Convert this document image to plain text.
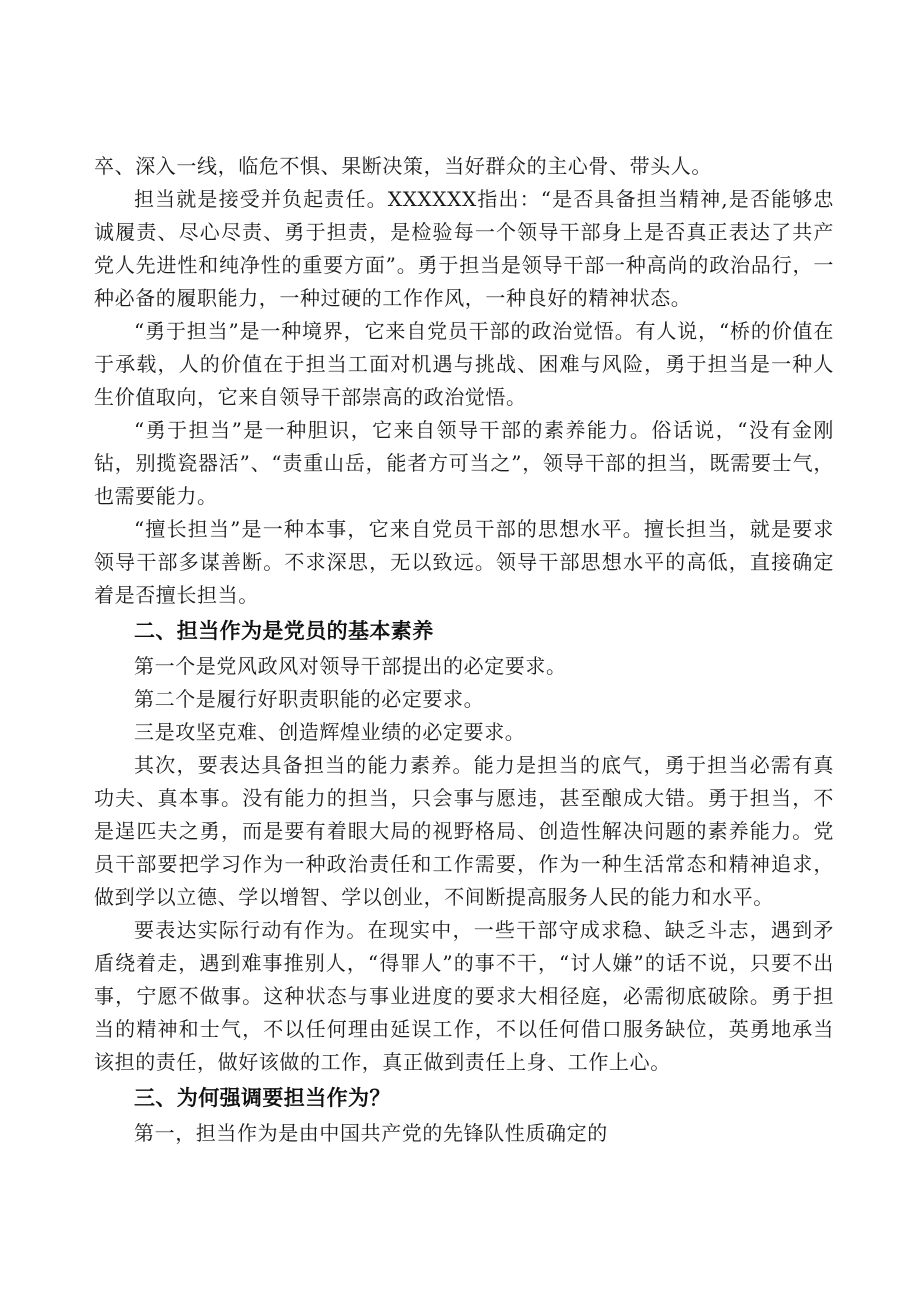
卒、深入一线，临危不惧、果断决策，当好群众的主心骨、带头人。

担当就是接受并负起责任。XXXXXX指出：“是否具备担当精神,是否能够忠诚履责、尽心尽责、勇于担责，是检验每一个领导干部身上是否真正表达了共产党人先进性和纯净性的重要方面”。勇于担当是领导干部一种高尚的政治品行，一种必备的履职能力，一种过硬的工作作风，一种良好的精神状态。

“勇于担当”是一种境界，它来自党员干部的政治觉悟。有人说，“桥的价值在于承载，人的价值在于担当工面对机遇与挑战、困难与风险，勇于担当是一种人生价值取向，它来自领导干部崇高的政治觉悟。

“勇于担当”是一种胆识，它来自领导干部的素养能力。俗话说，“没有金刚钻，别揽瓷器活”、“责重山岳，能者方可当之”，领导干部的担当，既需要士气，也需要能力。

“擅长担当”是一种本事，它来自党员干部的思想水平。擅长担当，就是要求领导干部多谋善断。不求深思，无以致远。领导干部思想水平的高低，直接确定着是否擅长担当。

二、担当作为是党员的基本素养

第一个是党风政风对领导干部提出的必定要求。

第二个是履行好职责职能的必定要求。

三是攻坚克难、创造辉煌业绩的必定要求。

其次，要表达具备担当的能力素养。能力是担当的底气，勇于担当必需有真功夫、真本事。没有能力的担当，只会事与愿违，甚至酿成大错。勇于担当，不是逞匹夫之勇，而是要有着眼大局的视野格局、创造性解决问题的素养能力。党员干部要把学习作为一种政治责任和工作需要，作为一种生活常态和精神追求，做到学以立德、学以增智、学以创业，不间断提高服务人民的能力和水平。

要表达实际行动有作为。在现实中，一些干部守成求稳、缺乏斗志，遇到矛盾绕着走，遇到难事推别人，“得罪人”的事不干，“讨人嫌”的话不说，只要不出事，宁愿不做事。这种状态与事业进度的要求大相径庭，必需彻底破除。勇于担当的精神和士气，不以任何理由延误工作，不以任何借口服务缺位，英勇地承当该担的责任，做好该做的工作，真正做到责任上身、工作上心。

三、为何强调要担当作为？

第一，担当作为是由中国共产党的先锋队性质确定的
